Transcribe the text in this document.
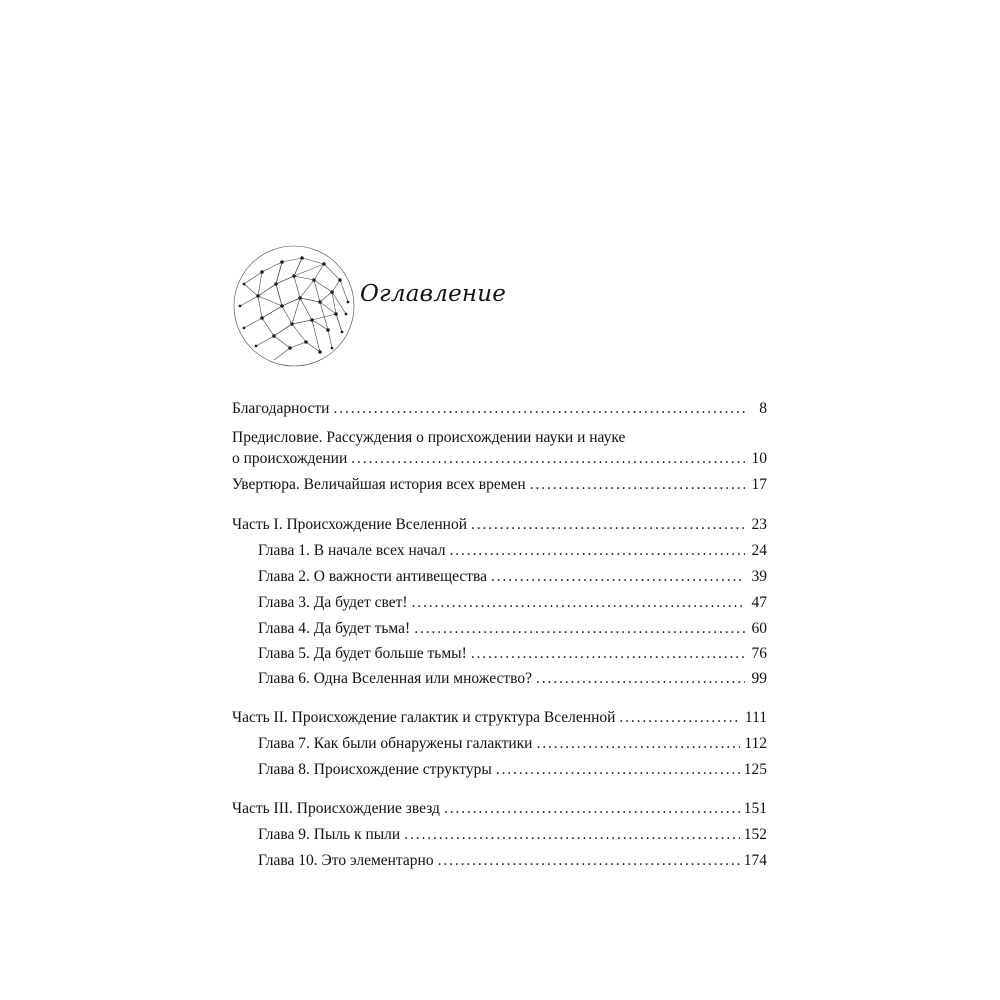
Оглавление
Благодарности . . .	8
Предисловие. Рассуждения о происхождении науки и науке
о происхождении . . .	10
Увертюра. Величайшая история всех времен . . .	17
Часть I. Происхождение Вселенной . . .	23
Глава 1. В начале всех начал . . .	24
Глава 2. О важности антивещества . . .	39
Глава 3. Да будет свет! . . .	47
Глава 4. Да будет тьма! . . .	60
Глава 5. Да будет больше тьмы! . . .	76
Глава 6. Одна Вселенная или множество? . . .	99
Часть II. Происхождение галактик и структура Вселенной . . .	111
Глава 7. Как были обнаружены галактики . . .	112
Глава 8. Происхождение структуры . . .	125
Часть III. Происхождение звезд . . .	151
Глава 9. Пыль к пыли . . .	152
Глава 10. Это элементарно . . .	174
